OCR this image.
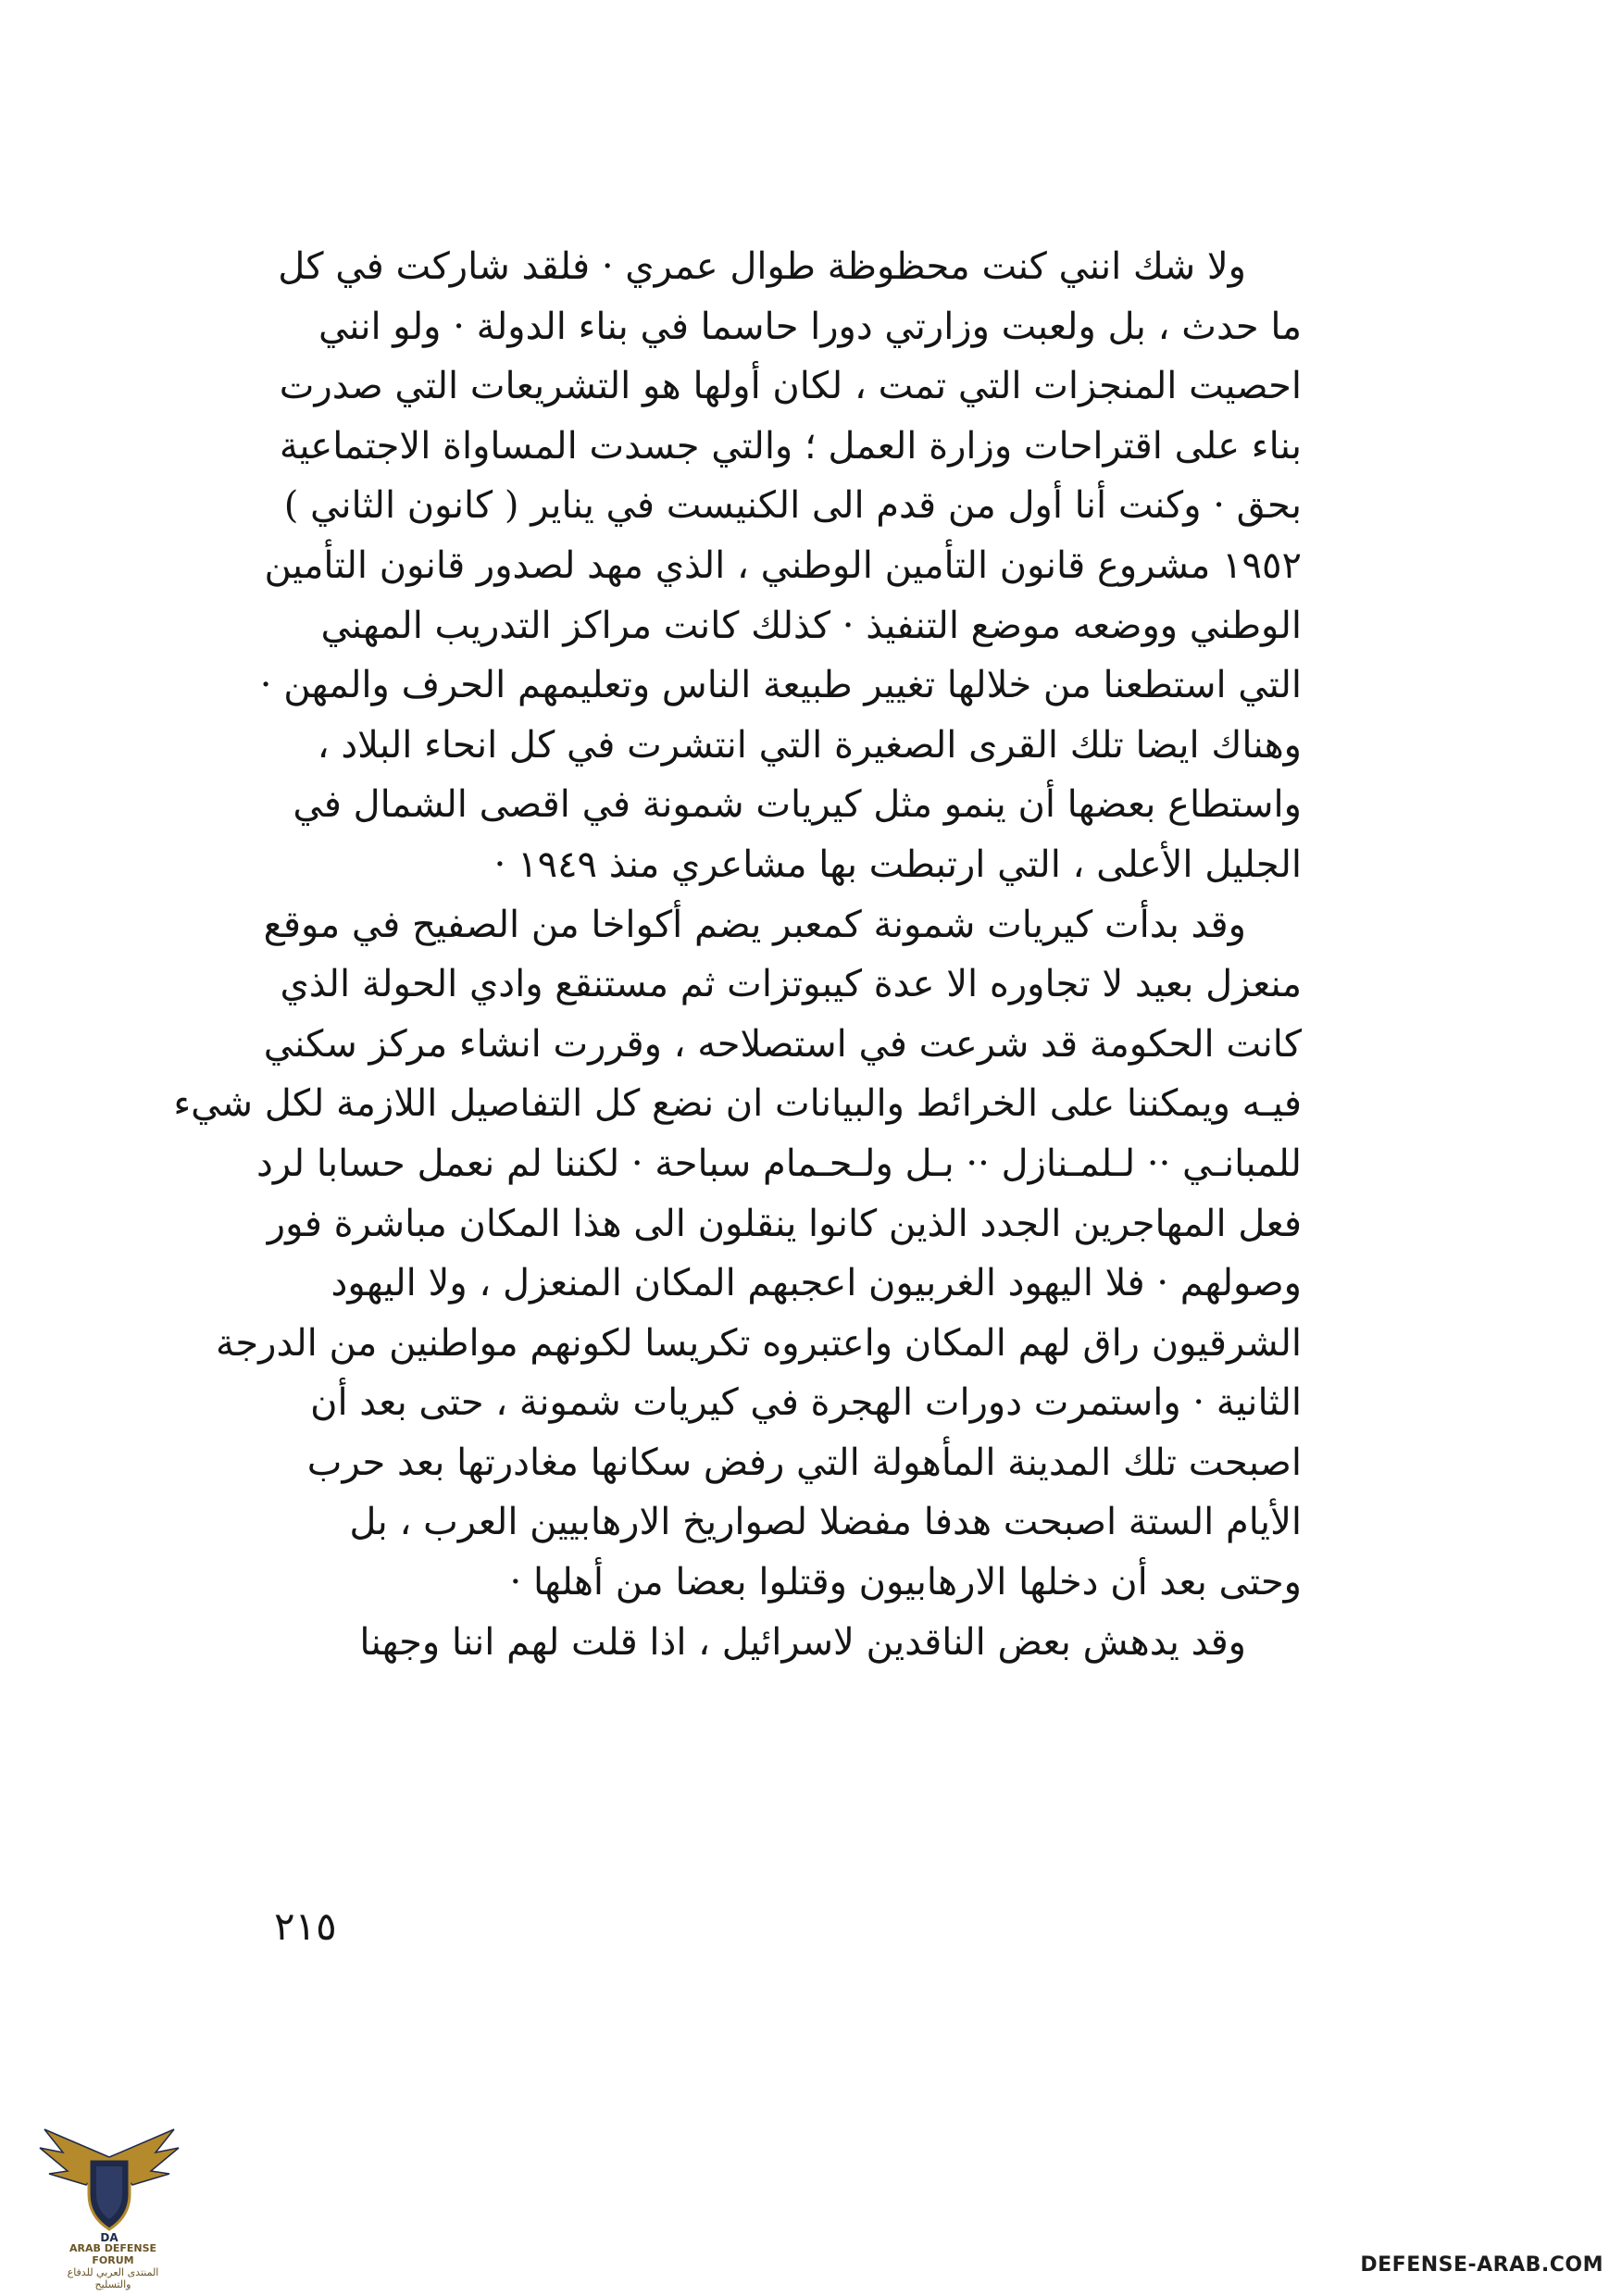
ولا شك انني كنت محظوظة طوال عمري · فلقد شاركت في كل
ما حدث ، بل ولعبت وزارتي دورا حاسما في بناء الدولة · ولو انني
احصيت المنجزات التي تمت ، لكان أولها هو التشريعات التي صدرت
بناء على اقتراحات وزارة العمل ؛ والتي جسدت المساواة الاجتماعية
بحق · وكنت أنا أول من قدم الى الكنيست في يناير ( كانون الثاني )
١٩٥٢ مشروع قانون التأمين الوطني ، الذي مهد لصدور قانون التأمين
الوطني ووضعه موضع التنفيذ · كذلك كانت مراكز التدريب المهني
التي استطعنا من خلالها تغيير طبيعة الناس وتعليمهم الحرف والمهن ·
وهناك ايضا تلك القرى الصغيرة التي انتشرت في كل انحاء البلاد ،
واستطاع بعضها أن ينمو مثل كيريات شمونة في اقصى الشمال في
الجليل الأعلى ، التي ارتبطت بها مشاعري منذ ١٩٤٩ ·
وقد بدأت كيريات شمونة كمعبر يضم أكواخا من الصفيح في موقع
منعزل بعيد لا تجاوره الا عدة كيبوتزات ثم مستنقع وادي الحولة الذي
كانت الحكومة قد شرعت في استصلاحه ، وقررت انشاء مركز سكني
فيـه ويمكننا على الخرائط والبيانات ان نضع كل التفاصيل اللازمة لكل شيء
للمبانـي ·· لـلمـنازل ·· بـل ولـحـمام سباحة · لكننا لم نعمل حسابا لرد
فعل المهاجرين الجدد الذين كانوا ينقلون الى هذا المكان مباشرة فور
وصولهم · فلا اليهود الغربيون اعجبهم المكان المنعزل ، ولا اليهود
الشرقيون راق لهم المكان واعتبروه تكريسا لكونهم مواطنين من الدرجة
الثانية · واستمرت دورات الهجرة في كيريات شمونة ، حتى بعد أن
اصبحت تلك المدينة المأهولة التي رفض سكانها مغادرتها بعد حرب
الأيام الستة اصبحت هدفا مفضلا لصواريخ الارهابيين العرب ، بل
وحتى بعد أن دخلها الارهابيون وقتلوا بعضا من أهلها ·
وقد يدهش بعض الناقدين لاسرائيل ، اذا قلت لهم اننا وجهنا
٢١٥
DA
ARAB DEFENSE FORUM
المنتدى العربي للدفاع والتسليح
DEFENSE-ARAB.COM
